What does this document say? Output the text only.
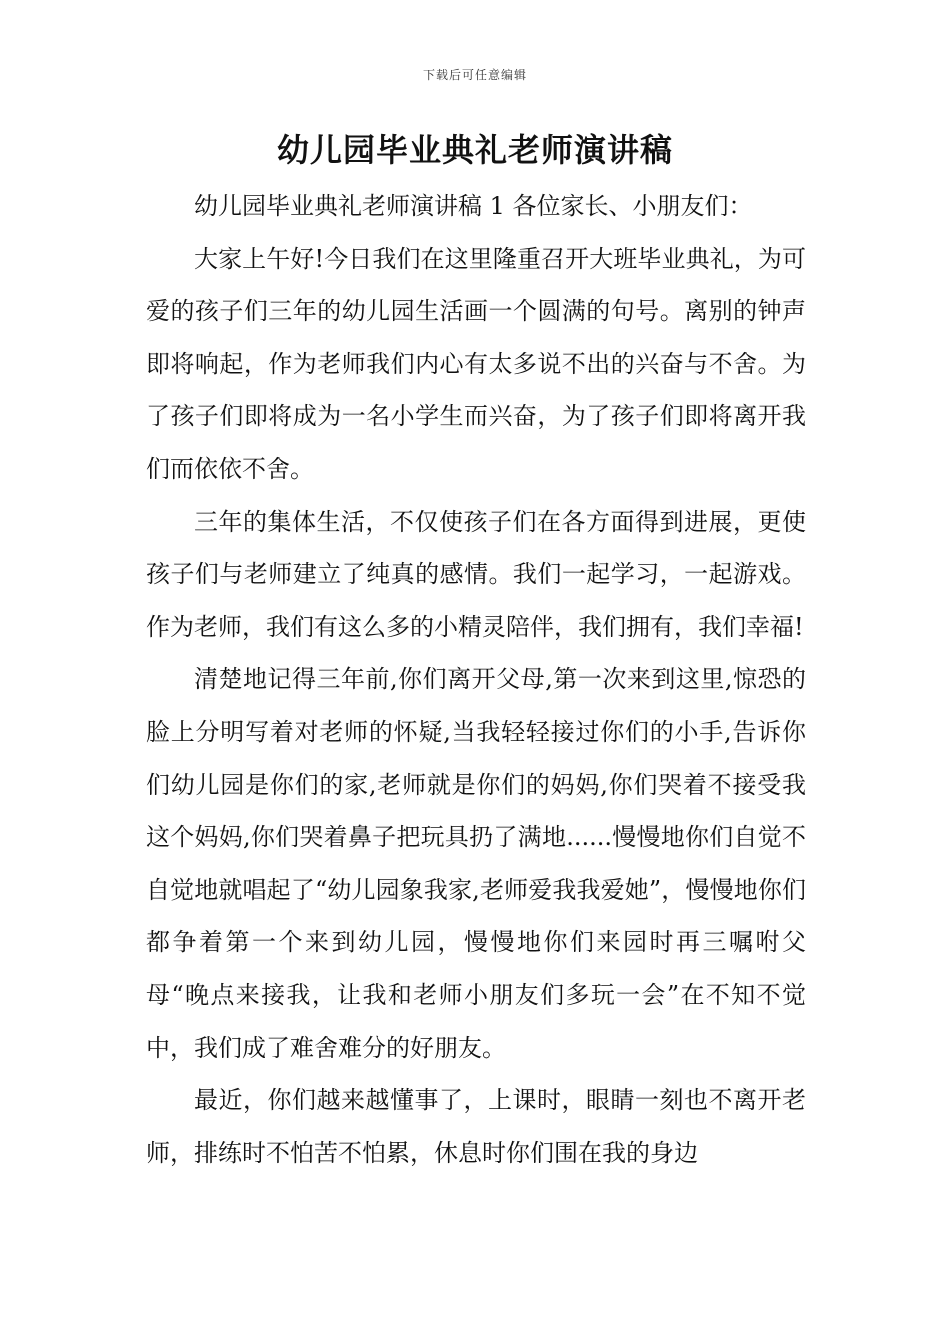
下载后可任意编辑
幼儿园毕业典礼老师演讲稿

幼儿园毕业典礼老师演讲稿 1 各位家长、小朋友们：

大家上午好!今日我们在这里隆重召开大班毕业典礼，为可爱的孩子们三年的幼儿园生活画一个圆满的句号。离别的钟声即将响起，作为老师我们内心有太多说不出的兴奋与不舍。为了孩子们即将成为一名小学生而兴奋，为了孩子们即将离开我们而依依不舍。

三年的集体生活，不仅使孩子们在各方面得到进展，更使孩子们与老师建立了纯真的感情。我们一起学习，一起游戏。作为老师，我们有这么多的小精灵陪伴，我们拥有，我们幸福!

清楚地记得三年前,你们离开父母,第一次来到这里,惊恐的脸上分明写着对老师的怀疑,当我轻轻接过你们的小手,告诉你们幼儿园是你们的家,老师就是你们的妈妈,你们哭着不接受我这个妈妈,你们哭着鼻子把玩具扔了满地......慢慢地你们自觉不自觉地就唱起了“幼儿园象我家,老师爱我我爱她”，慢慢地你们都争着第一个来到幼儿园，慢慢地你们来园时再三嘱咐父母“晚点来接我，让我和老师小朋友们多玩一会”在不知不觉中，我们成了难舍难分的好朋友。

最近，你们越来越懂事了，上课时，眼睛一刻也不离开老师，排练时不怕苦不怕累，休息时你们围在我的身边
